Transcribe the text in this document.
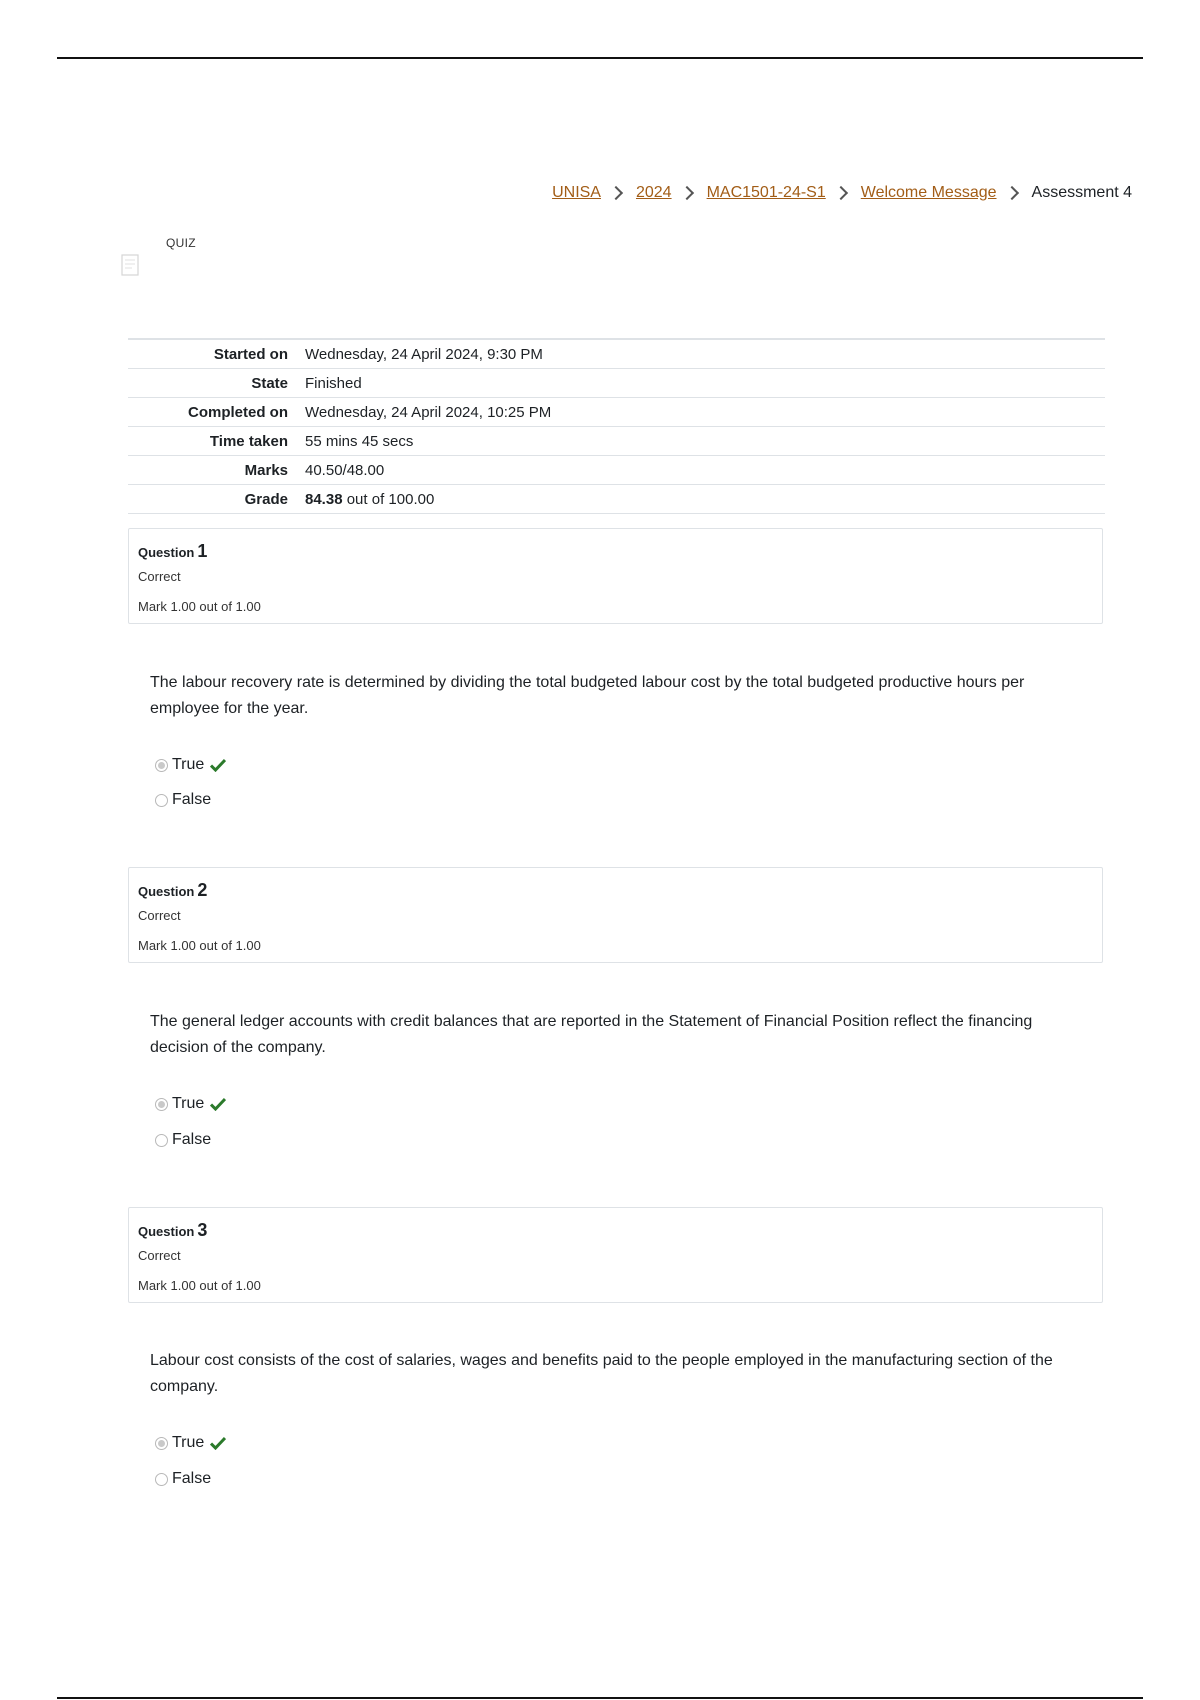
UNISA 2024 MAC1501-24-S1 Welcome Message Assessment 4
QUIZ
Started on	Wednesday, 24 April 2024, 9:30 PM
State	Finished
Completed on	Wednesday, 24 April 2024, 10:25 PM
Time taken	55 mins 45 secs
Marks	40.50/48.00
Grade	84.38 out of 100.00
Question 1
Correct
Mark 1.00 out of 1.00
The labour recovery rate is determined by dividing the total budgeted labour cost by the total budgeted productive hours per employee for the year.
True
False
Question 2
Correct
Mark 1.00 out of 1.00
The general ledger accounts with credit balances that are reported in the Statement of Financial Position reflect the financing decision of the company.
True
False
Question 3
Correct
Mark 1.00 out of 1.00
Labour cost consists of the cost of salaries, wages and benefits paid to the people employed in the manufacturing section of the company.
True
False
